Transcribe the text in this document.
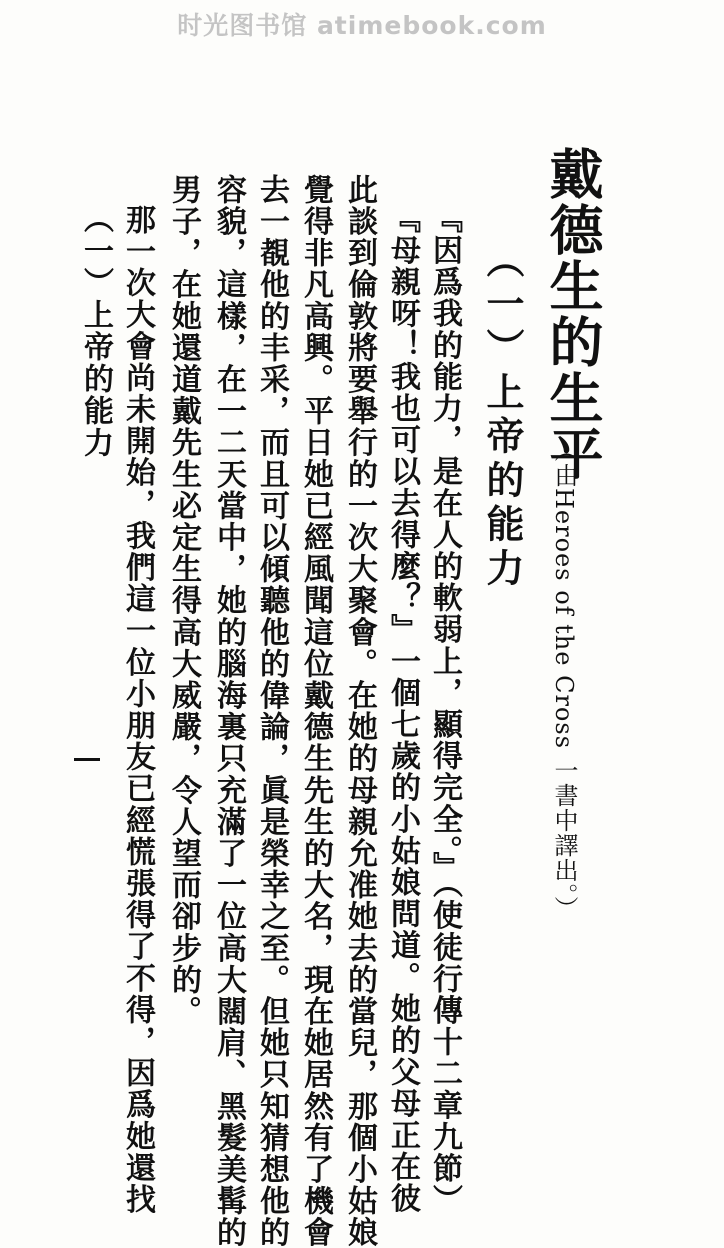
时光图书馆 atimebook.com
戴德生的生平
（由Heroes of the Cross 一書中譯出。）
（一）上帝的能力
『因爲我的能力，是在人的軟弱上，顯得完全。』（使徒行傳十二章九節）
『母親呀！我也可以去得麼？』一個七歲的小姑娘問道。她的父母正在彼
此談到倫敦將要舉行的一次大聚會。在她的母親允准她去的當兒，那個小姑娘
覺得非凡高興。平日她已經風聞這位戴德生先生的大名，現在她居然有了機會
去一覩他的丰采，而且可以傾聽他的偉論，眞是榮幸之至。但她只知猜想他的
容貌，這樣，在一二天當中，她的腦海裏只充滿了一位高大闊肩、黑髮美髯的
男子，在她還道戴先生必定生得高大威嚴，令人望而卻步的。
那一次大會尚未開始，我們這一位小朋友已經慌張得了不得，因爲她還找
（一）上帝的能力
